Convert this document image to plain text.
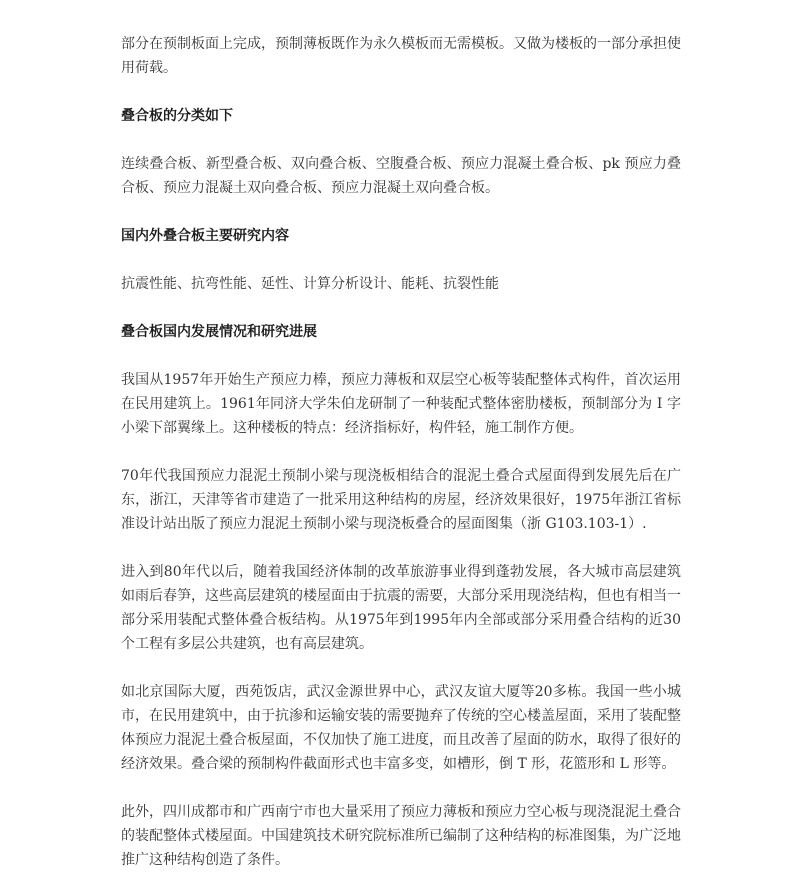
部分在预制板面上完成，预制薄板既作为永久模板而无需模板。又做为楼板的一部分承担使用荷载。

叠合板的分类如下

连续叠合板、新型叠合板、双向叠合板、空腹叠合板、预应力混凝土叠合板、pk 预应力叠合板、预应力混凝土双向叠合板、预应力混凝土双向叠合板。

国内外叠合板主要研究内容

抗震性能、抗弯性能、延性、计算分析设计、能耗、抗裂性能

叠合板国内发展情况和研究进展

我国从1957年开始生产预应力棒，预应力薄板和双层空心板等装配整体式构件，首次运用在民用建筑上。1961年同济大学朱伯龙研制了一种装配式整体密肋楼板，预制部分为 I 字小梁下部翼缘上。这种楼板的特点：经济指标好，构件轻，施工制作方便。

70年代我国预应力混泥土预制小梁与现浇板相结合的混泥土叠合式屋面得到发展先后在广东，浙江，天津等省市建造了一批采用这种结构的房屋，经济效果很好，1975年浙江省标准设计站出版了预应力混泥土预制小梁与现浇板叠合的屋面图集（浙 G103.103-1）.

进入到80年代以后，随着我国经济体制的改革旅游事业得到蓬勃发展，各大城市高层建筑如雨后春笋，这些高层建筑的楼屋面由于抗震的需要，大部分采用现浇结构，但也有相当一部分采用装配式整体叠合板结构。从1975年到1995年内全部或部分采用叠合结构的近30个工程有多层公共建筑，也有高层建筑。

如北京国际大厦，西苑饭店，武汉金源世界中心，武汉友谊大厦等20多栋。我国一些小城市，在民用建筑中，由于抗渗和运输安装的需要抛弃了传统的空心楼盖屋面，采用了装配整体预应力混泥土叠合板屋面，不仅加快了施工进度，而且改善了屋面的防水，取得了很好的经济效果。叠合梁的预制构件截面形式也丰富多变，如槽形，倒 T 形，花篮形和 L 形等。

此外，四川成都市和广西南宁市也大量采用了预应力薄板和预应力空心板与现浇混泥土叠合的装配整体式楼屋面。中国建筑技术研究院标准所已编制了这种结构的标准图集，为广泛地推广这种结构创造了条件。
